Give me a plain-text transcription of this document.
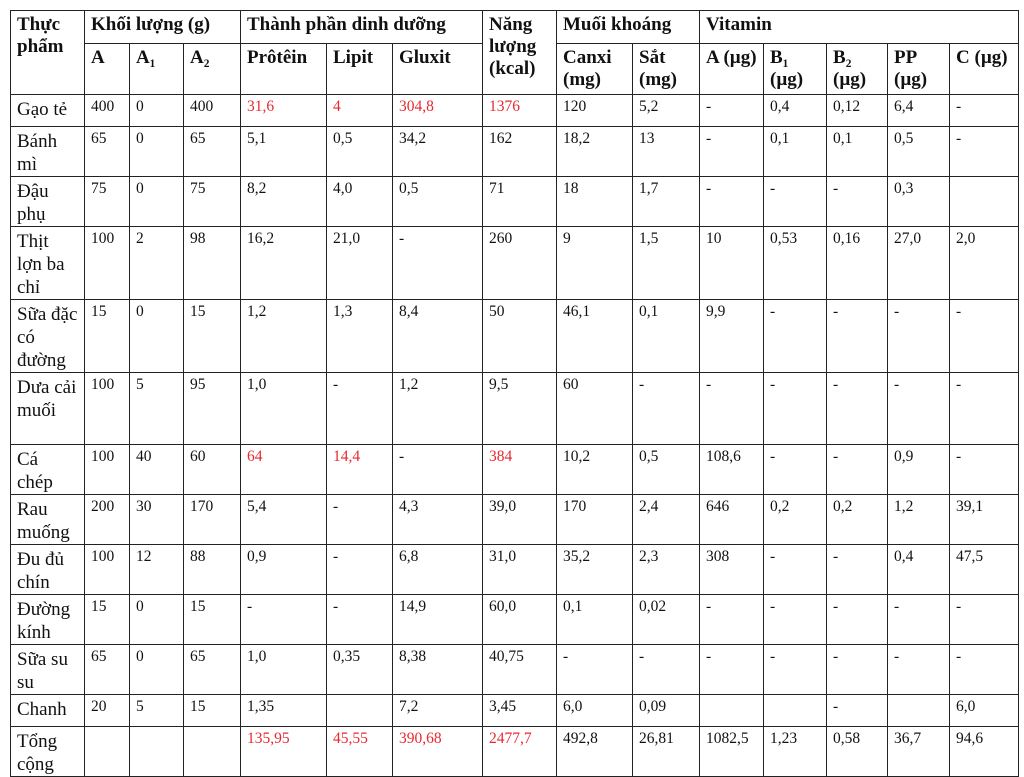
Thực phẩm	Khối lượng (g)			Thành phần dinh dưỡng			Năng lượng (kcal)	Muối khoáng		Vitamin				
	A	A₁	A₂	Prôtêin	Lipit	Gluxit		Canxi (mg)	Sắt (mg)	A (µg)	B₁ (µg)	B₂ (µg)	PP (µg)	C (µg)
Gạo tẻ	400	0	400	31,6	4	304,8	1376	120	5,2	-	0,4	0,12	6,4	-
Bánh mì	65	0	65	5,1	0,5	34,2	162	18,2	13	-	0,1	0,1	0,5	-
Đậu phụ	75	0	75	8,2	4,0	0,5	71	18	1,7	-	-	-	0,3	
Thịt lợn ba chỉ	100	2	98	16,2	21,0	-	260	9	1,5	10	0,53	0,16	27,0	2,0
Sữa đặc có đường	15	0	15	1,2	1,3	8,4	50	46,1	0,1	9,9	-	-	-	-
Dưa cải muối	100	5	95	1,0	-	1,2	9,5	60	-	-	-	-	-	-
Cá chép	100	40	60	64	14,4	-	384	10,2	0,5	108,6	-	-	0,9	-
Rau muống	200	30	170	5,4	-	4,3	39,0	170	2,4	646	0,2	0,2	1,2	39,1
Đu đủ chín	100	12	88	0,9	-	6,8	31,0	35,2	2,3	308	-	-	0,4	47,5
Đường kính	15	0	15	-	-	14,9	60,0	0,1	0,02	-	-	-	-	-
Sữa su su	65	0	65	1,0	0,35	8,38	40,75	-	-	-	-	-	-	-
Chanh	20	5	15	1,35		7,2	3,45	6,0	0,09			-		6,0
Tổng cộng				135,95	45,55	390,68	2477,7	492,8	26,81	1082,5	1,23	0,58	36,7	94,6
